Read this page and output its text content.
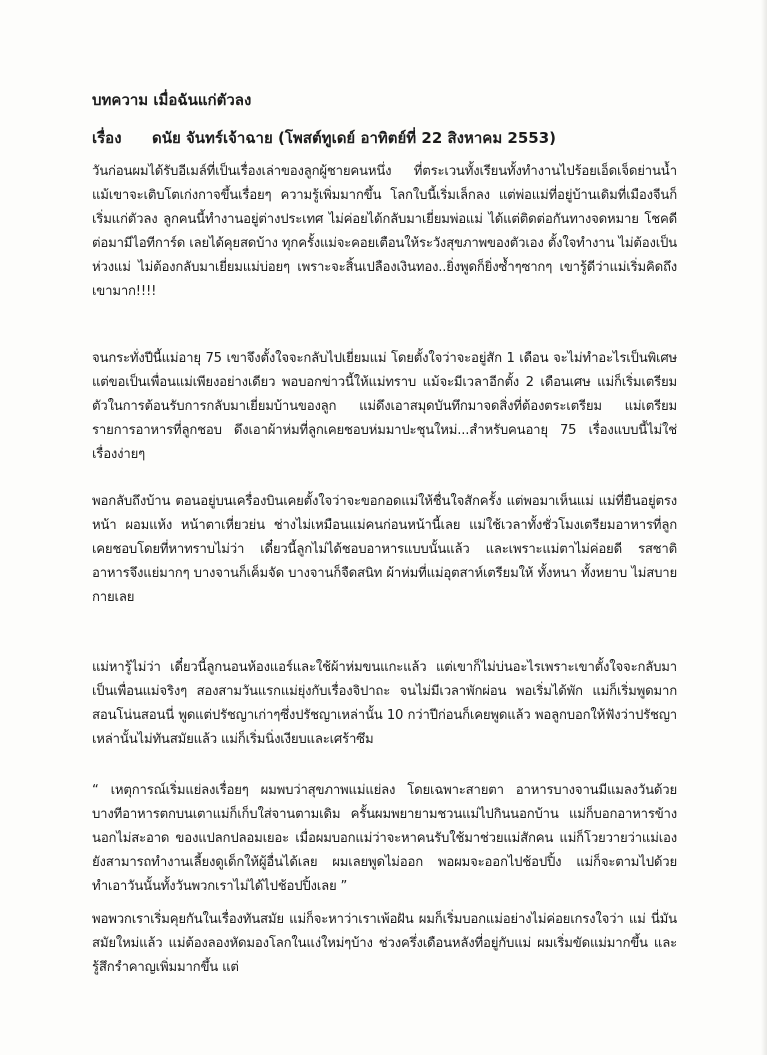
บทความ เมื่อฉันแก่ตัวลง
เรื่อง ดนัย จันทร์เจ้าฉาย (โพสต์ทูเดย์ อาทิตย์ที่ 22 สิงหาคม 2553)

วันก่อนผมได้รับอีเมล์ที่เป็นเรื่องเล่าของลูกผู้ชายคนหนึ่ง ที่ตระเวนทั้งเรียนทั้งทำงานไปร้อยเอ็ดเจ็ดย่านน้ำ แม้เขาจะเติบโตเก่งกาจขึ้นเรื่อยๆ ความรู้เพิ่มมากขึ้น โลกใบนี้เริ่มเล็กลง แต่พ่อแม่ที่อยู่บ้านเดิมที่เมืองจีนก็เริ่มแก่ตัวลง ลูกคนนี้ทำงานอยู่ต่างประเทศ ไม่ค่อยได้กลับมาเยี่ยมพ่อแม่ ได้แต่ติดต่อกันทางจดหมาย โชคดีต่อมามีไอทีการ์ด เลยได้คุยสดบ้าง ทุกครั้งแม่จะคอยเตือนให้ระวังสุขภาพของตัวเอง ตั้งใจทำงาน ไม่ต้องเป็นห่วงแม่ ไม่ต้องกลับมาเยี่ยมแม่บ่อยๆ เพราะจะสิ้นเปลืองเงินทอง..ยิ่งพูดก็ยิ่งซ้ำๆซากๆ เขารู้ดีว่าแม่เริ่มคิดถึงเขามาก!!!!

จนกระทั่งปีนี้แม่อายุ 75 เขาจึงตั้งใจจะกลับไปเยี่ยมแม่ โดยตั้งใจว่าจะอยู่สัก 1 เดือน จะไม่ทำอะไรเป็นพิเศษ แต่ขอเป็นเพื่อนแม่เพียงอย่างเดียว พอบอกข่าวนี้ให้แม่ทราบ แม้จะมีเวลาอีกตั้ง 2 เดือนเศษ แม่ก็เริ่มเตรียมตัวในการต้อนรับการกลับมาเยี่ยมบ้านของลูก แม่ดึงเอาสมุดบันทึกมาจดสิ่งที่ต้องตระเตรียม แม่เตรียมรายการอาหารที่ลูกชอบ ดึงเอาผ้าห่มที่ลูกเคยชอบห่มมาปะชุนใหม่...สำหรับคนอายุ 75 เรื่องแบบนี้ไม่ใช่เรื่องง่ายๆ

พอกลับถึงบ้าน ตอนอยู่บนเครื่องบินเคยตั้งใจว่าจะขอกอดแม่ให้ชื่นใจสักครั้ง แต่พอมาเห็นแม่ แม่ที่ยืนอยู่ตรงหน้า ผอมแห้ง หน้าตาเหี่ยวย่น ช่างไม่เหมือนแม่คนก่อนหน้านี้เลย แม่ใช้เวลาทั้งชั่วโมงเตรียมอาหารที่ลูกเคยชอบโดยที่หาทราบไม่ว่า เดี๋ยวนี้ลูกไม่ได้ชอบอาหารแบบนั้นแล้ว และเพราะแม่ตาไม่ค่อยดี รสชาติอาหารจึงแย่มากๆ บางจานก็เค็มจัด บางจานก็จืดสนิท ผ้าห่มที่แม่อุตสาห์เตรียมให้ ทั้งหนา ทั้งหยาบ ไม่สบายกายเลย

แม่หารู้ไม่ว่า เดี๋ยวนี้ลูกนอนห้องแอร์และใช้ผ้าห่มขนแกะแล้ว แต่เขาก็ไม่บ่นอะไรเพราะเขาตั้งใจจะกลับมาเป็นเพื่อนแม่จริงๆ สองสามวันแรกแม่ยุ่งกับเรื่องจิปาถะ จนไม่มีเวลาพักผ่อน พอเริ่มได้พัก แม่ก็เริ่มพูดมาก สอนโน่นสอนนี่ พูดแต่ปรัชญาเก่าๆซึ่งปรัชญาเหล่านั้น 10 กว่าปีก่อนก็เคยพูดแล้ว พอลูกบอกให้ฟังว่าปรัชญาเหล่านั้นไม่ทันสมัยแล้ว แม่ก็เริ่มนิ่งเงียบและเศร้าซึม

“ เหตุการณ์เริ่มแย่ลงเรื่อยๆ ผมพบว่าสุขภาพแม่แย่ลง โดยเฉพาะสายตา อาหารบางจานมีแมลงวันด้วย บางทีอาหารตกบนเตาแม่ก็เก็บใส่จานตามเดิม ครั้นผมพยายามชวนแม่ไปกินนอกบ้าน แม่ก็บอกอาหารข้างนอกไม่สะอาด ของแปลกปลอมเยอะ เมื่อผมบอกแม่ว่าจะหาคนรับใช้มาช่วยแม่สักคน แม่ก็โวยวายว่าแม่เองยังสามารถทำงานเลี้ยงดูเด็กให้ผู้อื่นได้เลย ผมเลยพูดไม่ออก พอผมจะออกไปช้อปปิ้ง แม่ก็จะตามไปด้วย ทำเอาวันนั้นทั้งวันพวกเราไม่ได้ไปช้อปปิ้งเลย ”

พอพวกเราเริ่มคุยกันในเรื่องทันสมัย แม่ก็จะหาว่าเราเพ้อฝัน ผมก็เริ่มบอกแม่อย่างไม่ค่อยเกรงใจว่า แม่ นี่มันสมัยใหม่แล้ว แม่ต้องลองหัดมองโลกในแง่ใหม่ๆบ้าง ช่วงครึ่งเดือนหลังที่อยู่กับแม่ ผมเริ่มขัดแม่มากขึ้น และรู้สึกรำคาญเพิ่มมากขึ้น แต่
